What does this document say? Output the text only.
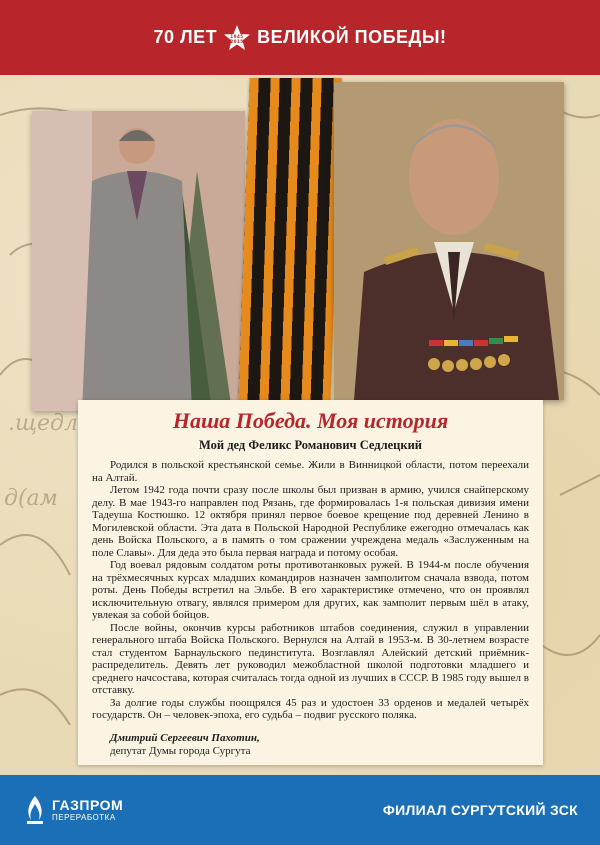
д(ам
.щедл
70 ЛЕТ	1945
2015 ВЕЛИКОЙ ПОБЕДЫ!
Наша Победа. Моя история
Мой дед Феликс Романович Седлецкий

Родился в польской крестьянской семье. Жили в Винницкой области, потом переехали на Алтай.

Летом 1942 года почти сразу после школы был призван в армию, учился снайперскому делу. В мае 1943-го направлен под Рязань, где формировалась 1-я польская дивизия имени Тадеуша Костюшко. 12 октября принял первое боевое крещение под деревней Ленино в Могилевской области. Эта дата в Польской Народной Республике ежегодно отмечалась как день Войска Польского, а в память о том сражении учреждена медаль «Заслуженным на поле Славы». Для деда это была первая награда и потому особая.

Год воевал рядовым солдатом роты противотанковых ружей. В 1944-м после обучения на трёхмесячных курсах младших командиров назначен замполитом сначала взвода, потом роты. День Победы встретил на Эльбе. В его характеристике отмечено, что он проявлял исключительную отвагу, являлся примером для других, как замполит первым шёл в атаку, увлекая за собой бойцов.

После войны, окончив курсы работников штабов соединения, служил в управлении генерального штаба Войска Польского. Вернулся на Алтай в 1953-м. В 30-летнем возрасте стал студентом Барнаульского пединститута. Возглавлял Алейский детский приёмник-распределитель. Девять лет руководил межобластной школой подготовки младшего и среднего начсостава, которая считалась тогда одной из лучших в СССР. В 1985 году вышел в отставку.

За долгие годы службы поощрялся 45 раз и удостоен 33 орденов и медалей четырёх государств. Он – человек-эпоха, его судьба – подвиг русского поляка.

Дмитрий Сергеевич Пахотин,
депутат Думы города Сургута
ГАЗПРОМ
ПЕРЕРАБОТКА	ФИЛИАЛ СУРГУТСКИЙ ЗСК
